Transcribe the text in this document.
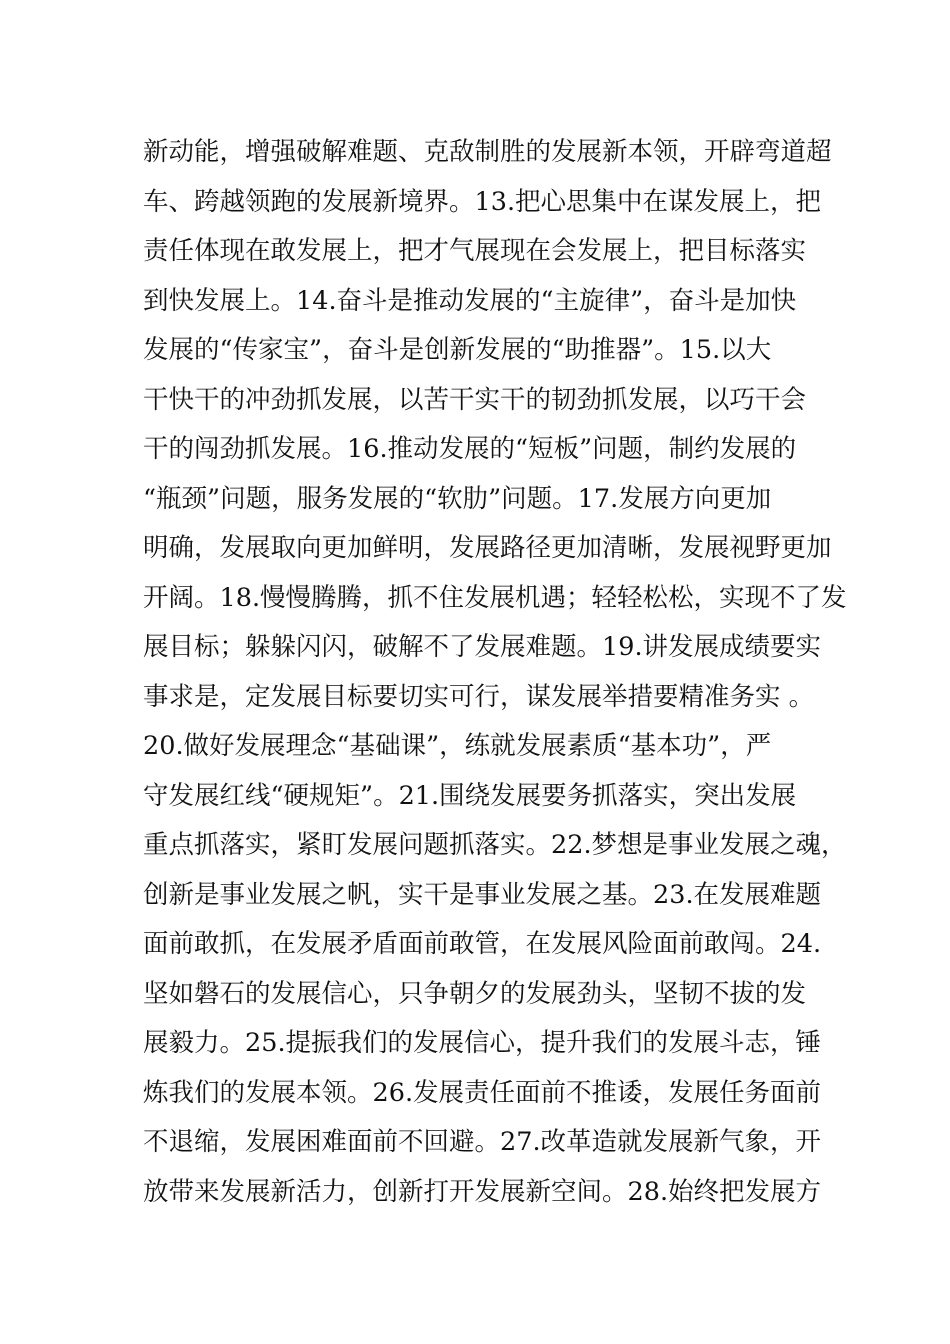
新动能，增强破解难题、克敌制胜的发展新本领，开辟弯道超
车、跨越领跑的发展新境界。13.把心思集中在谋发展上，把
责任体现在敢发展上，把才气展现在会发展上，把目标落实
到快发展上。14.奋斗是推动发展的“主旋律”，奋斗是加快
发展的“传家宝”，奋斗是创新发展的“助推器”。15.以大
干快干的冲劲抓发展，以苦干实干的韧劲抓发展，以巧干会
干的闯劲抓发展。16.推动发展的“短板”问题，制约发展的
“瓶颈”问题，服务发展的“软肋”问题。17.发展方向更加
明确，发展取向更加鲜明，发展路径更加清晰，发展视野更加
开阔。18.慢慢腾腾，抓不住发展机遇；轻轻松松，实现不了发
展目标；躲躲闪闪，破解不了发展难题。19.讲发展成绩要实
事求是，定发展目标要切实可行，谋发展举措要精准务实 。
20.做好发展理念“基础课”，练就发展素质“基本功”，严
守发展红线“硬规矩”。21.围绕发展要务抓落实，突出发展
重点抓落实，紧盯发展问题抓落实。22.梦想是事业发展之魂，
创新是事业发展之帆，实干是事业发展之基。23.在发展难题
面前敢抓，在发展矛盾面前敢管，在发展风险面前敢闯。24.
坚如磐石的发展信心，只争朝夕的发展劲头，坚韧不拔的发
展毅力。25.提振我们的发展信心，提升我们的发展斗志，锤
炼我们的发展本领。26.发展责任面前不推诿，发展任务面前
不退缩，发展困难面前不回避。27.改革造就发展新气象，开
放带来发展新活力，创新打开发展新空间。28.始终把发展方
